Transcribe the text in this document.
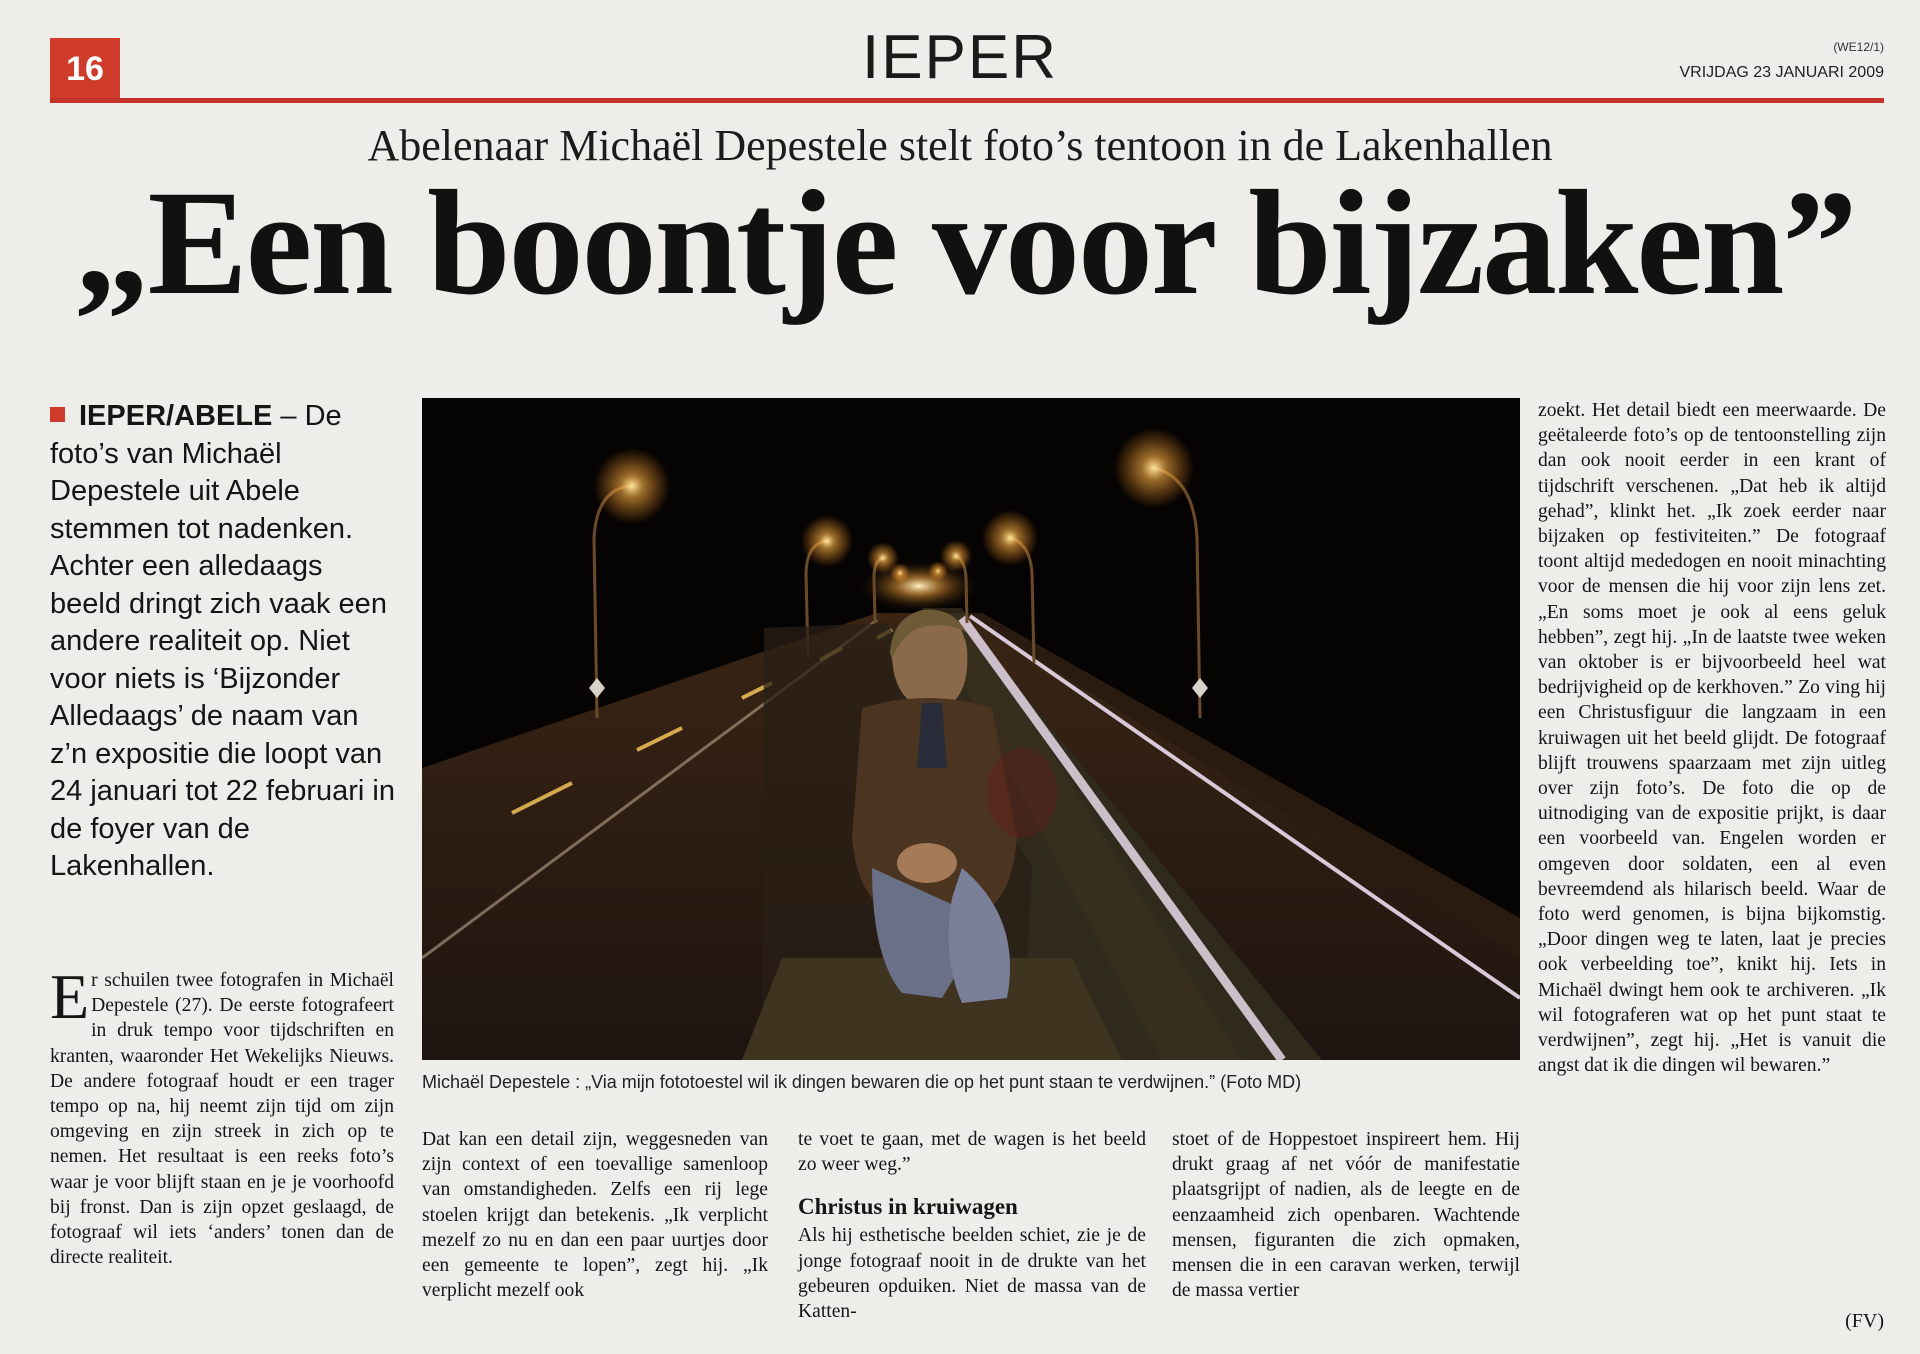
16	IEPER	(WE12/1)
VRIJDAG 23 JANUARI 2009
Abelenaar Michaël Depestele stelt foto’s tentoon in de Lakenhallen
„Een boontje voor bijzaken”
IEPER/ABELE – De foto’s van Michaël Depestele uit Abele stemmen tot nadenken. Achter een alledaags beeld dringt zich vaak een andere realiteit op. Niet voor niets is ‘Bijzonder Alledaags’ de naam van z’n expositie die loopt van 24 januari tot 22 februari in de foyer van de Lakenhallen.
Er schuilen twee fotografen in Michaël Depestele (27). De eerste fotografeert in druk tempo voor tijdschriften en kranten, waaronder Het Wekelijks Nieuws. De andere fotograaf houdt er een trager tempo op na, hij neemt zijn tijd om zijn omgeving en zijn streek in zich op te nemen. Het resultaat is een reeks foto’s waar je voor blijft staan en je je voorhoofd bij fronst. Dan is zijn opzet geslaagd, de fotograaf wil iets ‘anders’ tonen dan de directe realiteit.
Michaël Depestele : „Via mijn fototoestel wil ik dingen bewaren die op het punt staan te verdwijnen.” (Foto MD)
Dat kan een detail zijn, weggesneden van zijn context of een toevallige samenloop van omstandigheden. Zelfs een rij lege stoelen krijgt dan betekenis. „Ik verplicht mezelf zo nu en dan een paar uurtjes door een gemeente te lopen”, zegt hij. „Ik verplicht mezelf ook

te voet te gaan, met de wagen is het beeld zo weer weg.”

Christus in kruiwagen

Als hij esthetische beelden schiet, zie je de jonge fotograaf nooit in de drukte van het gebeuren opduiken. Niet de massa van de Katten-

stoet of de Hoppestoet inspireert hem. Hij drukt graag af net vóór de manifestatie plaatsgrijpt of nadien, als de leegte en de eenzaamheid zich openbaren. Wachtende mensen, figuranten die zich opmaken, mensen die in een caravan werken, terwijl de massa vertier
zoekt. Het detail biedt een meerwaarde. De geëtaleerde foto’s op de tentoonstelling zijn dan ook nooit eerder in een krant of tijdschrift verschenen. „Dat heb ik altijd gehad”, klinkt het. „Ik zoek eerder naar bijzaken op festiviteiten.” De fotograaf toont altijd mededogen en nooit minachting voor de mensen die hij voor zijn lens zet. „En soms moet je ook al eens geluk hebben”, zegt hij. „In de laatste twee weken van oktober is er bijvoorbeeld heel wat bedrijvigheid op de kerkhoven.” Zo ving hij een Christusfiguur die langzaam in een kruiwagen uit het beeld glijdt. De fotograaf blijft trouwens spaarzaam met zijn uitleg over zijn foto’s. De foto die op de uitnodiging van de expositie prijkt, is daar een voorbeeld van. Engelen worden er omgeven door soldaten, een al even bevreemdend als hilarisch beeld. Waar de foto werd genomen, is bijna bijkomstig. „Door dingen weg te laten, laat je precies ook verbeelding toe”, knikt hij. Iets in Michaël dwingt hem ook te archiveren. „Ik wil fotograferen wat op het punt staat te verdwijnen”, zegt hij. „Het is vanuit die angst dat ik die dingen wil bewaren.”
(FV)
